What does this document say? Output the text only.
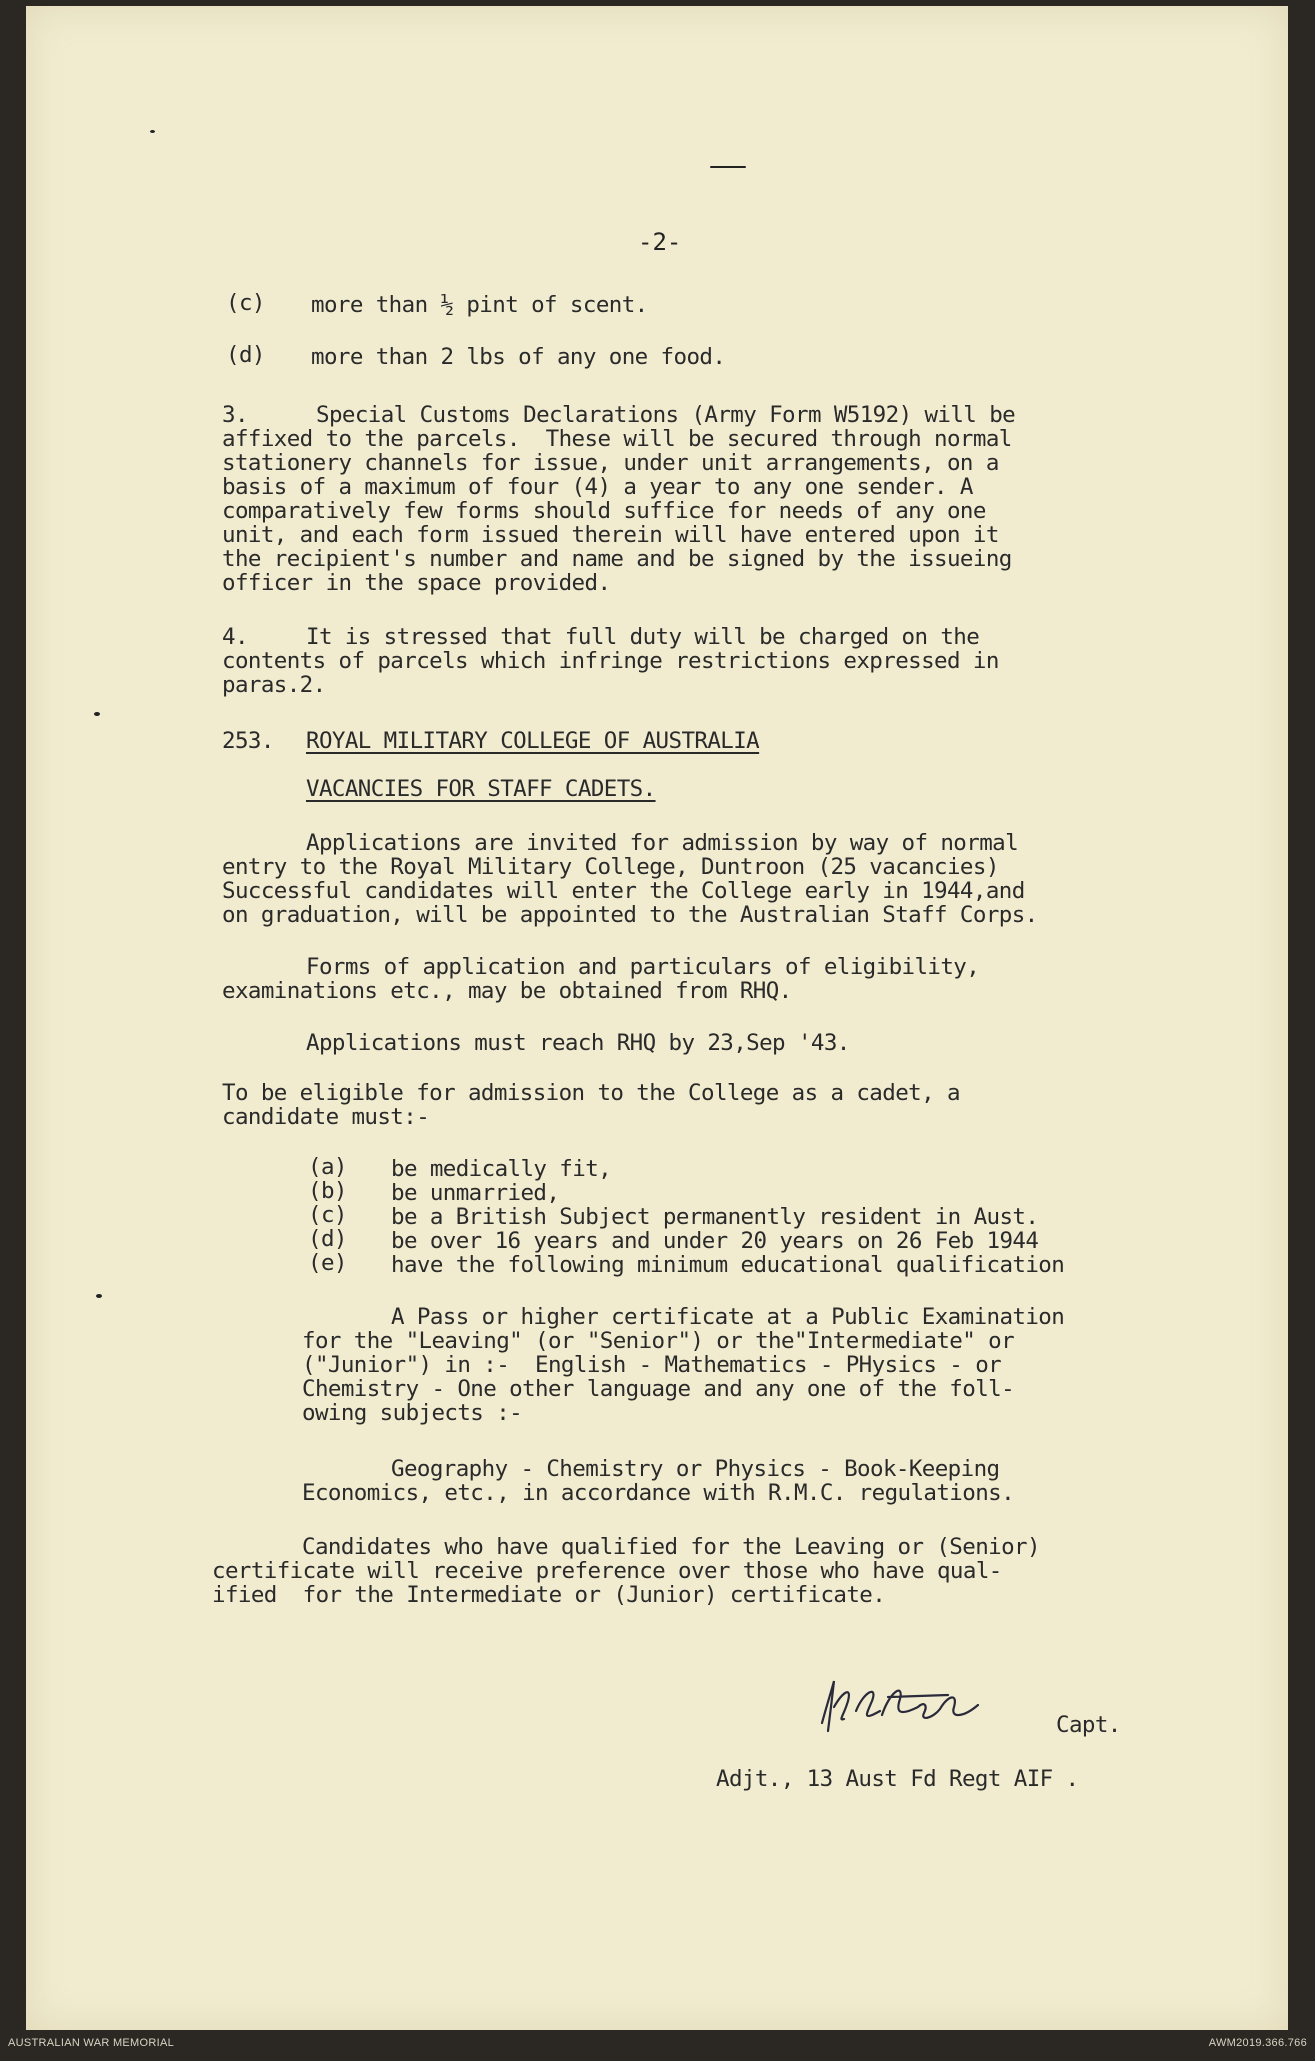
-2-
(c) more than ½ pint of scent.
(d) more than 2 lbs of any one food.
3.	Special Customs Declarations (Army Form W5192) will be
affixed to the parcels.  These will be secured through normal
stationery channels for issue, under unit arrangements, on a
basis of a maximum of four (4) a year to any one sender. A
comparatively few forms should suffice for needs of any one
unit, and each form issued therein will have entered upon it
the recipient's number and name and be signed by the issueing
officer in the space provided.
4.	It is stressed that full duty will be charged on the
contents of parcels which infringe restrictions expressed in
paras.2.
253. ROYAL MILITARY COLLEGE OF AUSTRALIA
VACANCIES FOR STAFF CADETS.
Applications are invited for admission by way of normal
entry to the Royal Military College, Duntroon (25 vacancies)
Successful candidates will enter the College early in 1944,and
on graduation, will be appointed to the Australian Staff Corps.
Forms of application and particulars of eligibility,
examinations etc., may be obtained from RHQ.
Applications must reach RHQ by 23,Sep '43.
To be eligible for admission to the College as a cadet, a
candidate must:-
(a) be medically fit,
(b) be unmarried,
(c) be a British Subject permanently resident in Aust.
(d) be over 16 years and under 20 years on 26 Feb 1944
(e) have the following minimum educational qualification
A Pass or higher certificate at a Public Examination
for the "Leaving" (or "Senior") or the"Intermediate" or
("Junior") in :-  English - Mathematics - PHysics - or
Chemistry - One other language and any one of the foll-
owing subjects :-
Geography - Chemistry or Physics - Book-Keeping
Economics, etc., in accordance with R.M.C. regulations.
Candidates who have qualified for the Leaving or (Senior)
certificate will receive preference over those who have qual-
ified  for the Intermediate or (Junior) certificate.
Capt.
Adjt., 13 Aust Fd Regt AIF .
AUSTRALIAN WAR MEMORIAL	AWM2019.366.766
